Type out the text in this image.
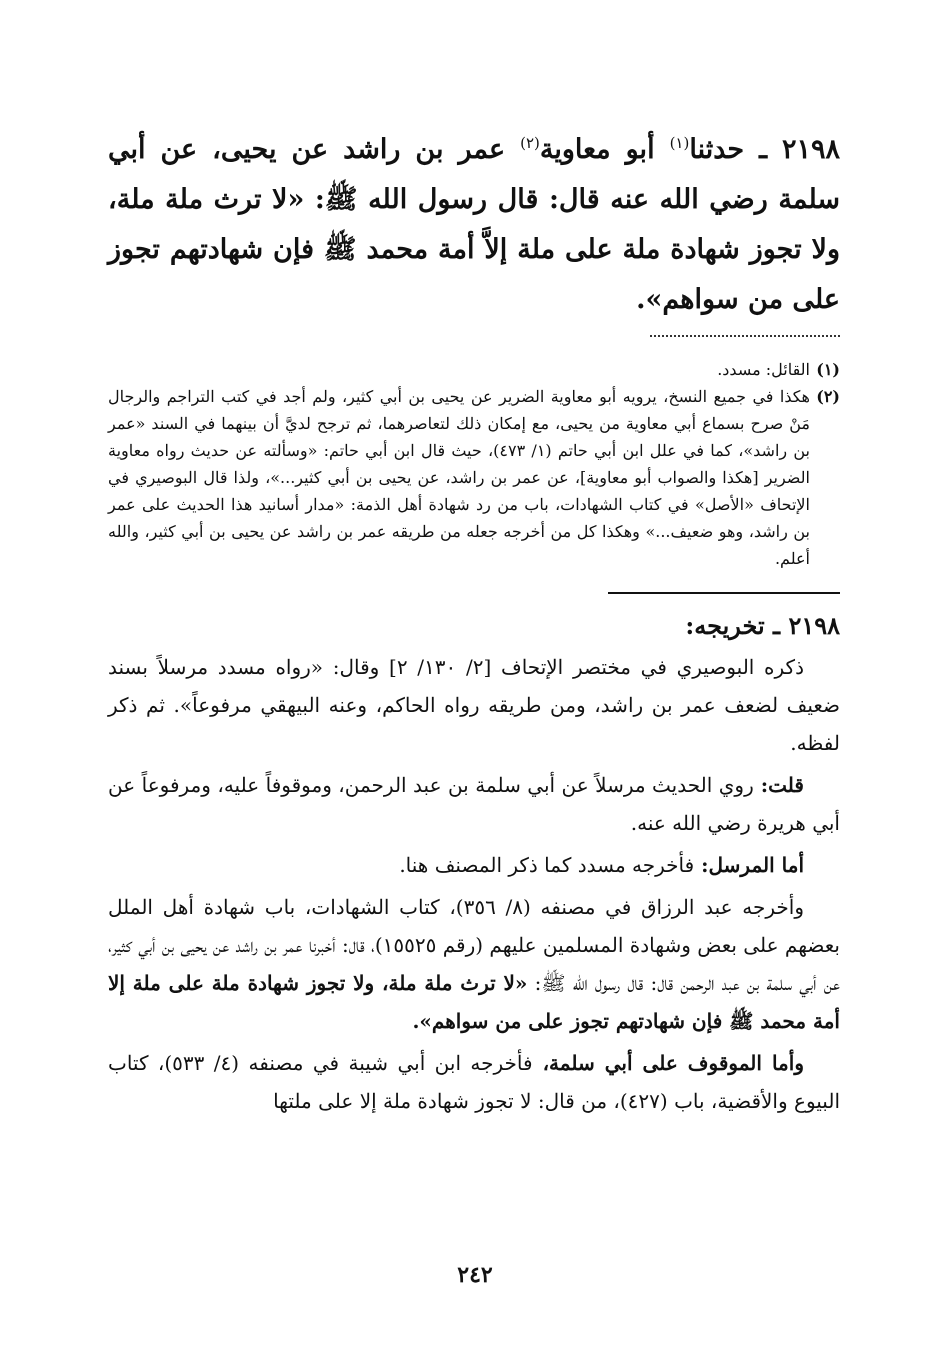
٢١٩٨ ـ حدثنا$^{(١)}$ أبو معاوية$^{(٢)}$ عمر بن راشد عن يحيى، عن أبي سلمة رضي الله عنه قال: قال رسول الله ﷺ: «لا ترث ملة ملة، ولا تجوز شهادة ملة على ملة إلاَّ أمة محمد ﷺ فإن شهادتهم تجوز على من سواهم».

(١)
القائل: مسدد.
(٢)
هكذا في جميع النسخ، يرويه أبو معاوية الضرير عن يحيى بن أبي كثير، ولم أجد في كتب التراجم والرجال مَنْ صرح بسماع أبي معاوية من يحيى، مع إمكان ذلك لتعاصرهما، ثم ترجح لديَّ أن بينهما في السند «عمر بن راشد»، كما في علل ابن أبي حاتم (١/ ٤٧٣)، حيث قال ابن أبي حاتم: «وسألته عن حديث رواه معاوية الضرير [هكذا والصواب أبو معاوية]، عن عمر بن راشد، عن يحيى بن أبي كثير...»، ولذا قال البوصيري في الإتحاف «الأصل» في كتاب الشهادات، باب من رد شهادة أهل الذمة: «مدار أسانيد هذا الحديث على عمر بن راشد، وهو ضعيف...» وهكذا كل من أخرجه جعله من طريقه عمر بن راشد عن يحيى بن أبي كثير، والله أعلم.
٢١٩٨ ـ تخريجه:

ذكره البوصيري في مختصر الإتحاف [٢/ ١٣٠/ ٢] وقال: «رواه مسدد مرسلاً بسند ضعيف لضعف عمر بن راشد، ومن طريقه رواه الحاكم، وعنه البيهقي مرفوعاً». ثم ذكر لفظه.

قلت: روي الحديث مرسلاً عن أبي سلمة بن عبد الرحمن، وموقوفاً عليه، ومرفوعاً عن أبي هريرة رضي الله عنه.

أما المرسل: فأخرجه مسدد كما ذكر المصنف هنا.

وأخرجه عبد الرزاق في مصنفه (٨/ ٣٥٦)، كتاب الشهادات، باب شهادة أهل الملل بعضهم على بعض وشهادة المسلمين عليهم (رقم ١٥٥٢٥)، قال: أخبرنا عمر بن راشد عن يحيى بن أبي كثير، عن أبي سلمة بن عبد الرحمن قال: قال رسول الله ﷺ: «لا ترث ملة ملة، ولا تجوز شهادة ملة على ملة إلا أمة محمد ﷺ فإن شهادتهم تجوز على من سواهم».

وأما الموقوف على أبي سلمة، فأخرجه ابن أبي شيبة في مصنفه (٤/ ٥٣٣)، كتاب البيوع والأقضية، باب (٤٢٧)، من قال: لا تجوز شهادة ملة إلا على ملتها

٢٤٢
